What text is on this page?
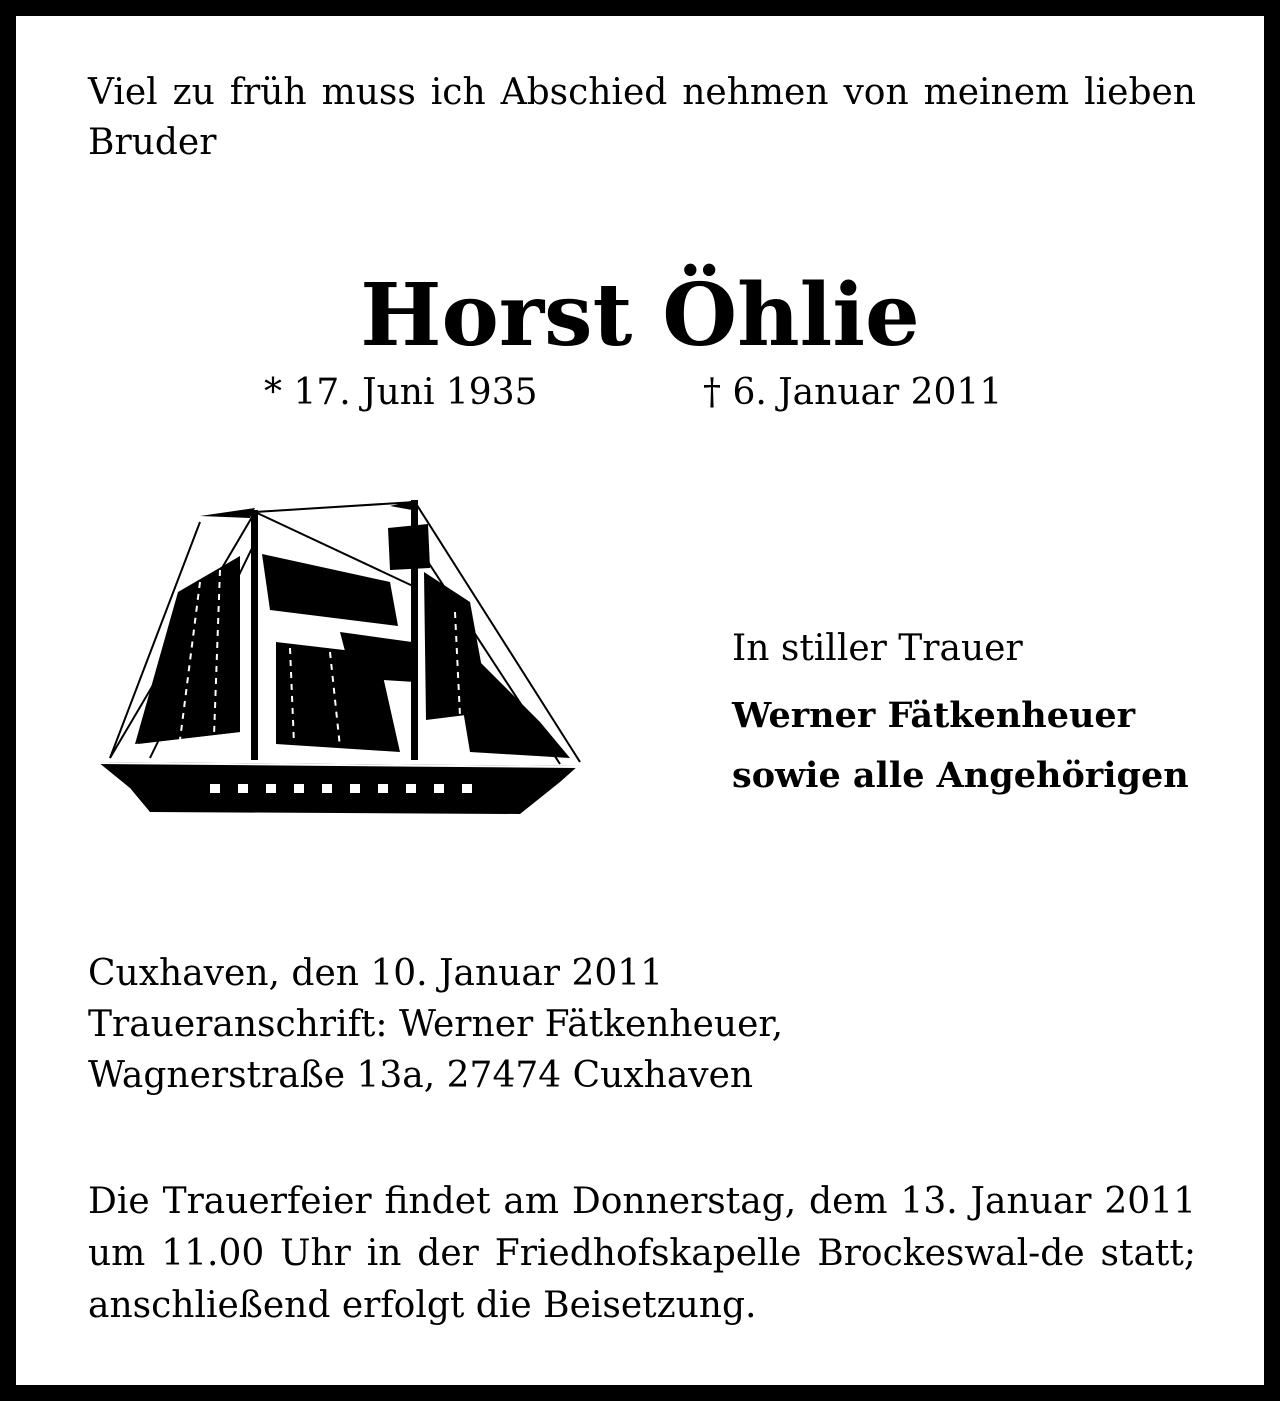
Viel zu früh muss ich Abschied nehmen von meinem lieben Bruder

Horst Öhlie

* 17. Juni 1935	† 6. Januar 2011

In stiller Trauer

Werner Fätkenheuer

sowie alle Angehörigen

Cuxhaven, den 10. Januar 2011
Traueranschrift: Werner Fätkenheuer,
Wagnerstraße 13a, 27474 Cuxhaven

Die Trauerfeier findet am Donnerstag, dem 13. Januar 2011 um 11.00 Uhr in der Friedhofskapelle Brockeswal-de statt; anschließend erfolgt die Beisetzung.
